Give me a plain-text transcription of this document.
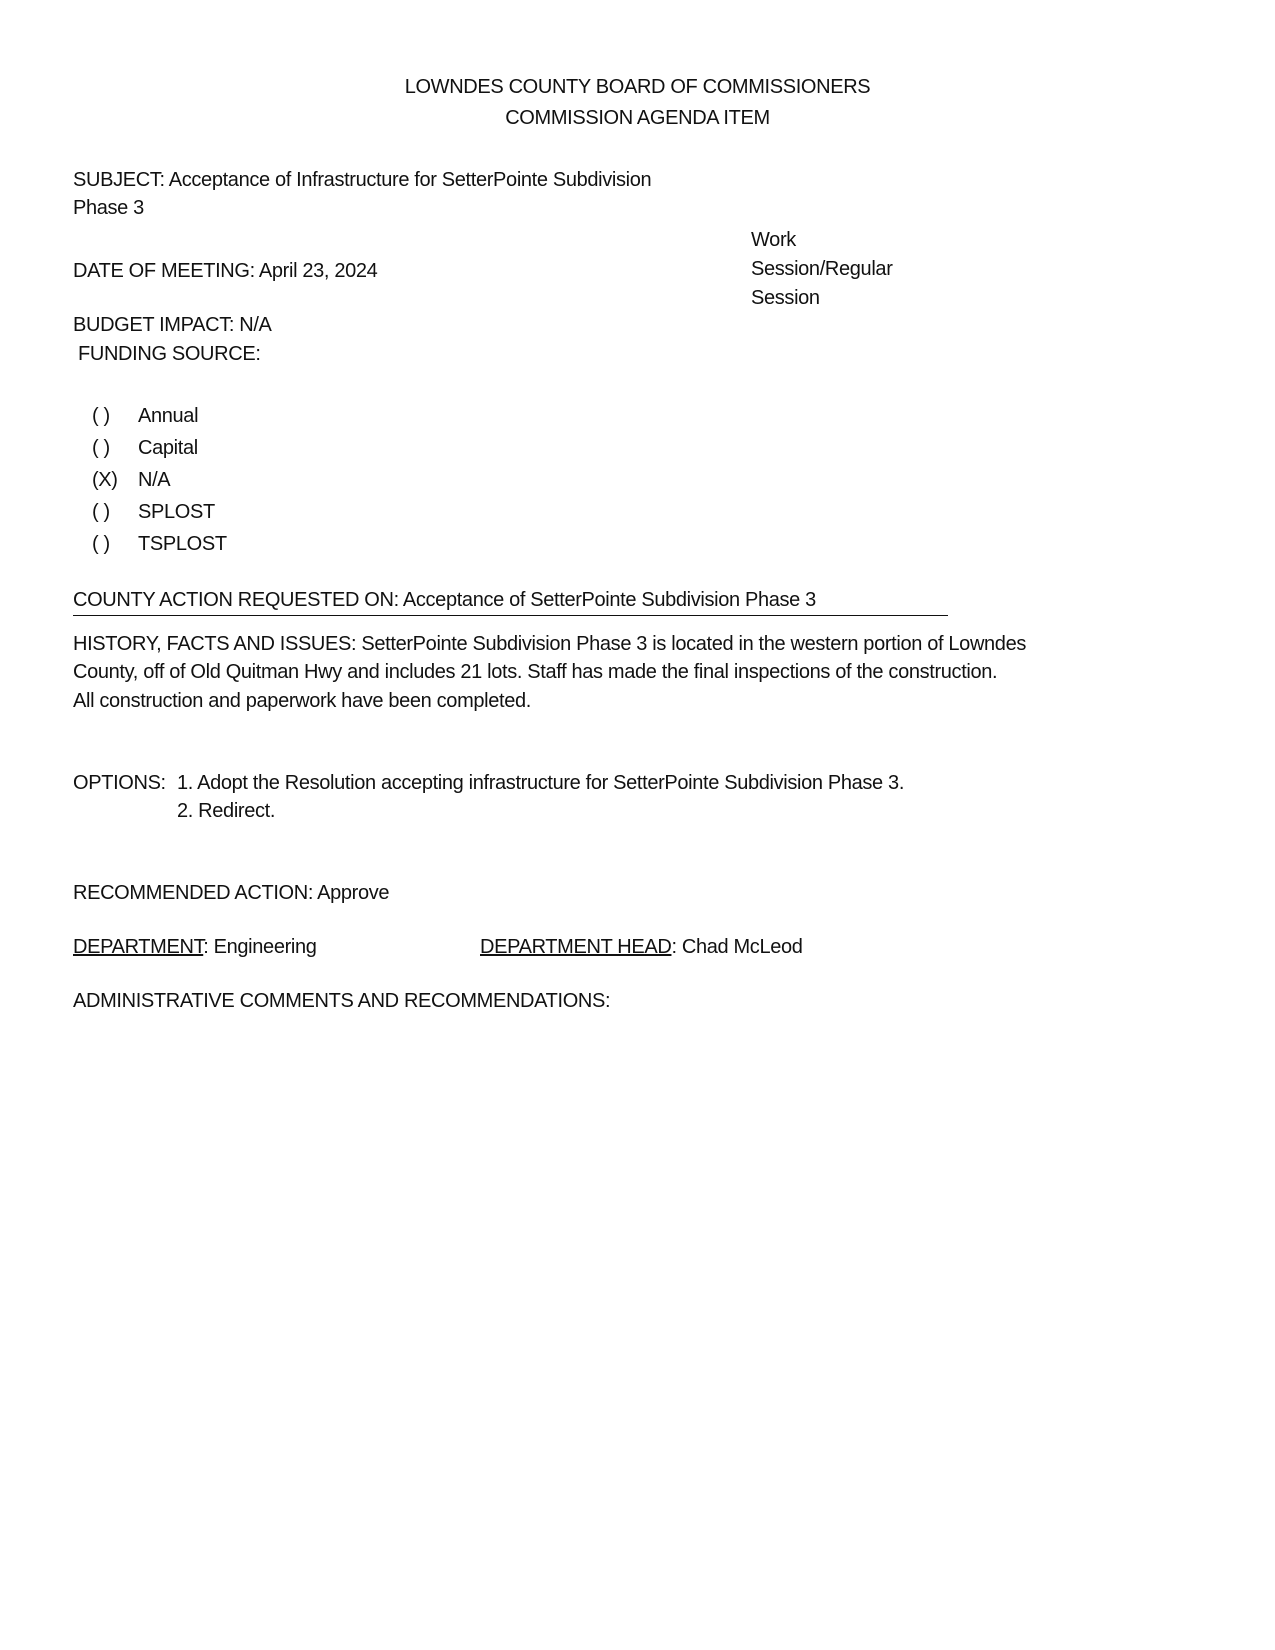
LOWNDES COUNTY BOARD OF COMMISSIONERS
COMMISSION AGENDA ITEM
SUBJECT: Acceptance of Infrastructure for SetterPointe Subdivision
Phase 3
Work
Session/Regular
Session
DATE OF MEETING: April 23, 2024
BUDGET IMPACT: N/A
FUNDING SOURCE:
( ) Annual
( ) Capital
(X) N/A
( ) SPLOST
( ) TSPLOST
COUNTY ACTION REQUESTED ON: Acceptance of SetterPointe Subdivision Phase 3
HISTORY, FACTS AND ISSUES: SetterPointe Subdivision Phase 3 is located in the western portion of Lowndes
County, off of Old Quitman Hwy and includes 21 lots. Staff has made the final inspections of the construction.
All construction and paperwork have been completed.
OPTIONS: 1. Adopt the Resolution accepting infrastructure for SetterPointe Subdivision Phase 3.
2. Redirect.
RECOMMENDED ACTION: Approve
DEPARTMENT: Engineering	DEPARTMENT HEAD: Chad McLeod
ADMINISTRATIVE COMMENTS AND RECOMMENDATIONS:
